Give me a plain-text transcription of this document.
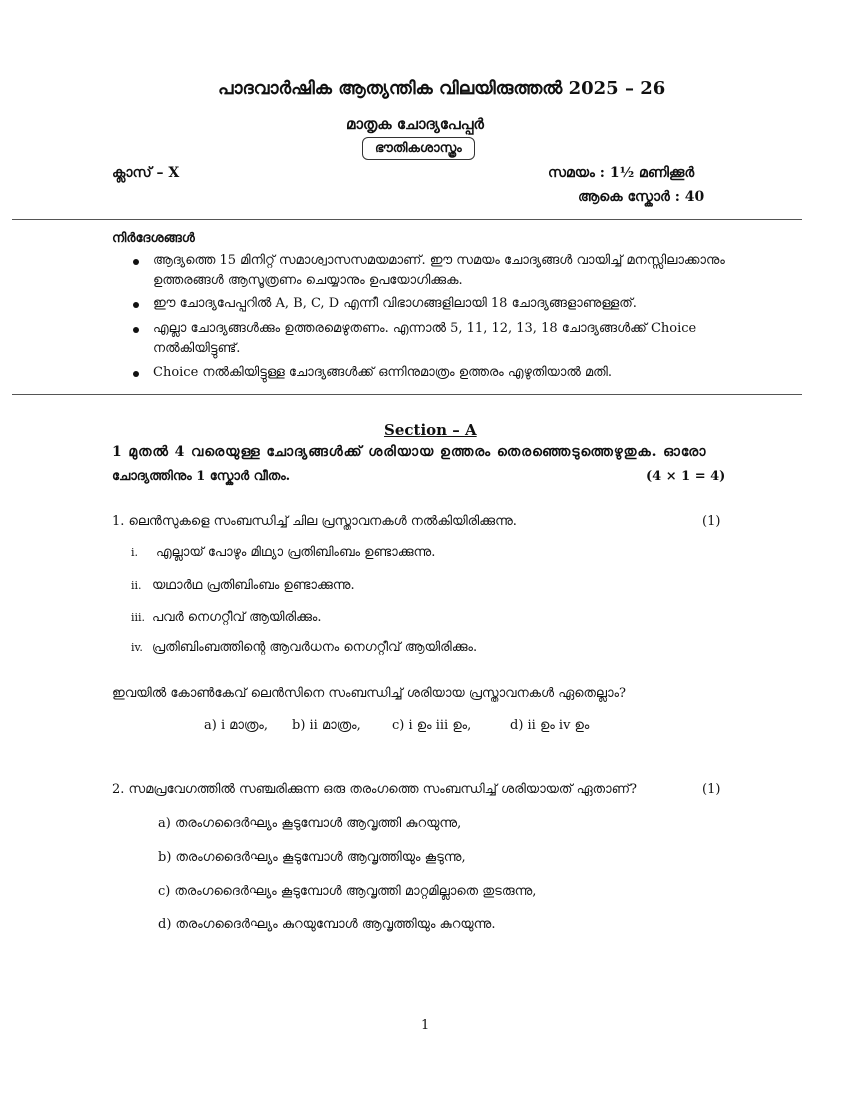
പാദവാർഷിക ആത്യന്തിക വിലയിരുത്തൽ 2025 – 26
മാതൃക ചോദ്യപേപ്പർ
ഭൗതികശാസ്ത്രം
ക്ലാസ് – X	സമയം : 1½ മണിക്കൂർ
ആകെ സ്കോർ : 40
നിർദേശങ്ങൾ
ആദ്യത്തെ 15 മിനിറ്റ് സമാശ്വാസസമയമാണ്. ഈ സമയം ചോദ്യങ്ങൾ വായിച്ച് മനസ്സിലാക്കാനും
ഉത്തരങ്ങൾ ആസൂത്രണം ചെയ്യാനും ഉപയോഗിക്കുക.
ഈ ചോദ്യപേപ്പറിൽ A, B, C, D എന്നീ വിഭാഗങ്ങളിലായി 18 ചോദ്യങ്ങളാണുള്ളത്.
എല്ലാ ചോദ്യങ്ങൾക്കും ഉത്തരമെഴുതണം. എന്നാൽ 5, 11, 12, 13, 18 ചോദ്യങ്ങൾക്ക് Choice
നൽകിയിട്ടുണ്ട്.
Choice നൽകിയിട്ടുള്ള ചോദ്യങ്ങൾക്ക് ഒന്നിനുമാത്രം ഉത്തരം എഴുതിയാൽ മതി.
Section – A
1 മുതൽ 4 വരെയുള്ള ചോദ്യങ്ങൾക്ക് ശരിയായ ഉത്തരം തെരഞ്ഞെടുത്തെഴുതുക. ഓരോ
ചോദ്യത്തിനും 1 സ്കോർ വീതം.	(4 × 1 = 4)
1. ലെൻസുകളെ സംബന്ധിച്ച് ചില പ്രസ്താവനകൾ നൽകിയിരിക്കുന്നു.	(1)
i. എല്ലായ് പോഴും മിഥ്യാ പ്രതിബിംബം ഉണ്ടാക്കുന്നു.
ii. യഥാർഥ പ്രതിബിംബം ഉണ്ടാക്കുന്നു.
iii. പവർ നെഗറ്റീവ് ആയിരിക്കും.
iv. പ്രതിബിംബത്തിന്റെ ആവർധനം നെഗറ്റീവ് ആയിരിക്കും.
ഇവയിൽ കോൺകേവ് ലെൻസിനെ സംബന്ധിച്ച് ശരിയായ പ്രസ്താവനകൾ ഏതെല്ലാം?
a) i മാത്രം, b) ii മാത്രം, c) i ഉം iii ഉം,	d) ii ഉം iv ഉം
2. സമപ്രവേഗത്തിൽ സഞ്ചരിക്കുന്ന ഒരു തരംഗത്തെ സംബന്ധിച്ച് ശരിയായത് ഏതാണ്?	(1)
a) തരംഗദൈർഘ്യം കൂടുമ്പോൾ ആവൃത്തി കുറയുന്നു,
b) തരംഗദൈർഘ്യം കൂടുമ്പോൾ ആവൃത്തിയും കൂടുന്നു,
c) തരംഗദൈർഘ്യം കൂടുമ്പോൾ ആവൃത്തി മാറ്റമില്ലാതെ തുടരുന്നു,
d) തരംഗദൈർഘ്യം കുറയുമ്പോൾ ആവൃത്തിയും കുറയുന്നു.
1
